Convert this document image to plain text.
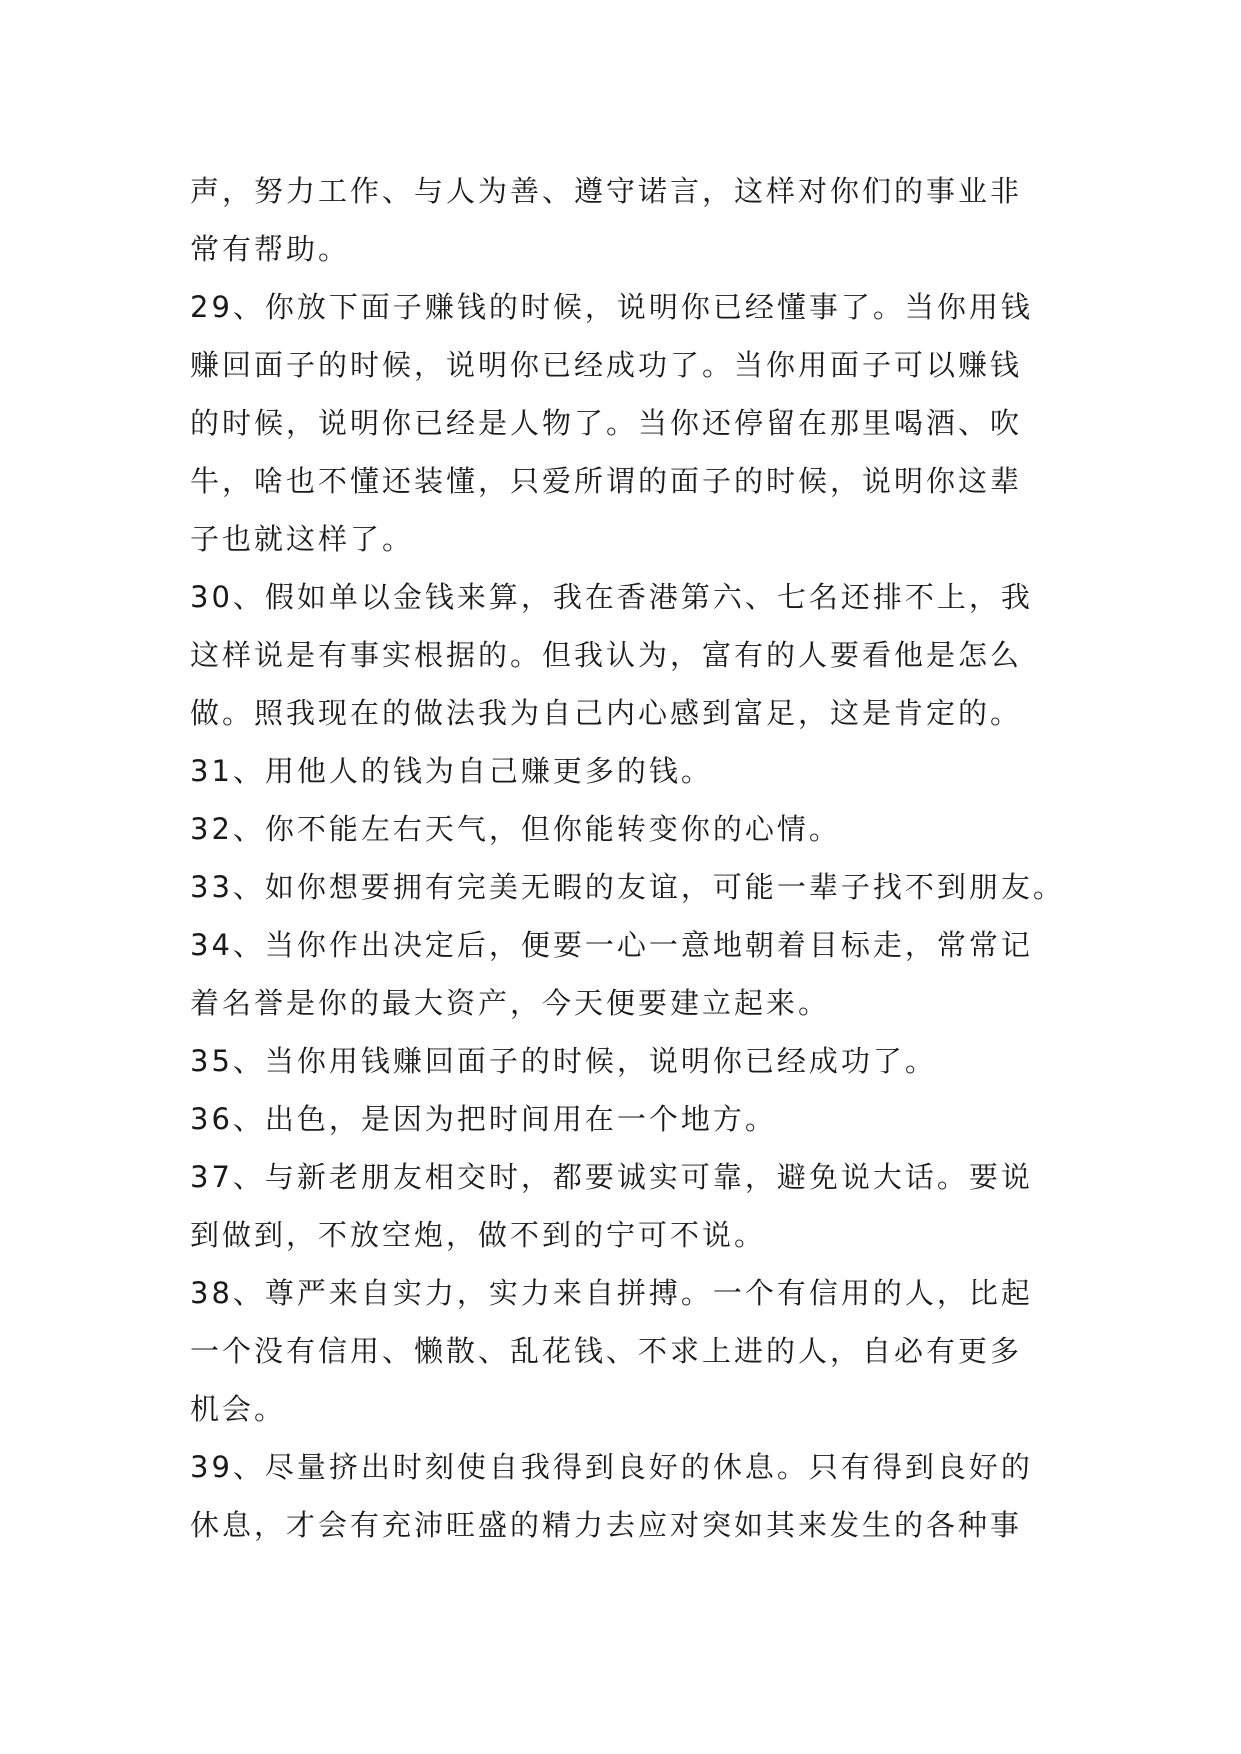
声，努力工作、与人为善、遵守诺言，这样对你们的事业非
常有帮助。
29、你放下面子赚钱的时候，说明你已经懂事了。当你用钱
赚回面子的时候，说明你已经成功了。当你用面子可以赚钱
的时候，说明你已经是人物了。当你还停留在那里喝酒、吹
牛，啥也不懂还装懂，只爱所谓的面子的时候，说明你这辈
子也就这样了。
30、假如单以金钱来算，我在香港第六、七名还排不上，我
这样说是有事实根据的。但我认为，富有的人要看他是怎么
做。照我现在的做法我为自己内心感到富足，这是肯定的。
31、用他人的钱为自己赚更多的钱。
32、你不能左右天气，但你能转变你的心情。
33、如你想要拥有完美无暇的友谊，可能一辈子找不到朋友。
34、当你作出决定后，便要一心一意地朝着目标走，常常记
着名誉是你的最大资产，今天便要建立起来。
35、当你用钱赚回面子的时候，说明你已经成功了。
36、出色，是因为把时间用在一个地方。
37、与新老朋友相交时，都要诚实可靠，避免说大话。要说
到做到，不放空炮，做不到的宁可不说。
38、尊严来自实力，实力来自拼搏。一个有信用的人，比起
一个没有信用、懒散、乱花钱、不求上进的人，自必有更多
机会。
39、尽量挤出时刻使自我得到良好的休息。只有得到良好的
休息，才会有充沛旺盛的精力去应对突如其来发生的各种事
